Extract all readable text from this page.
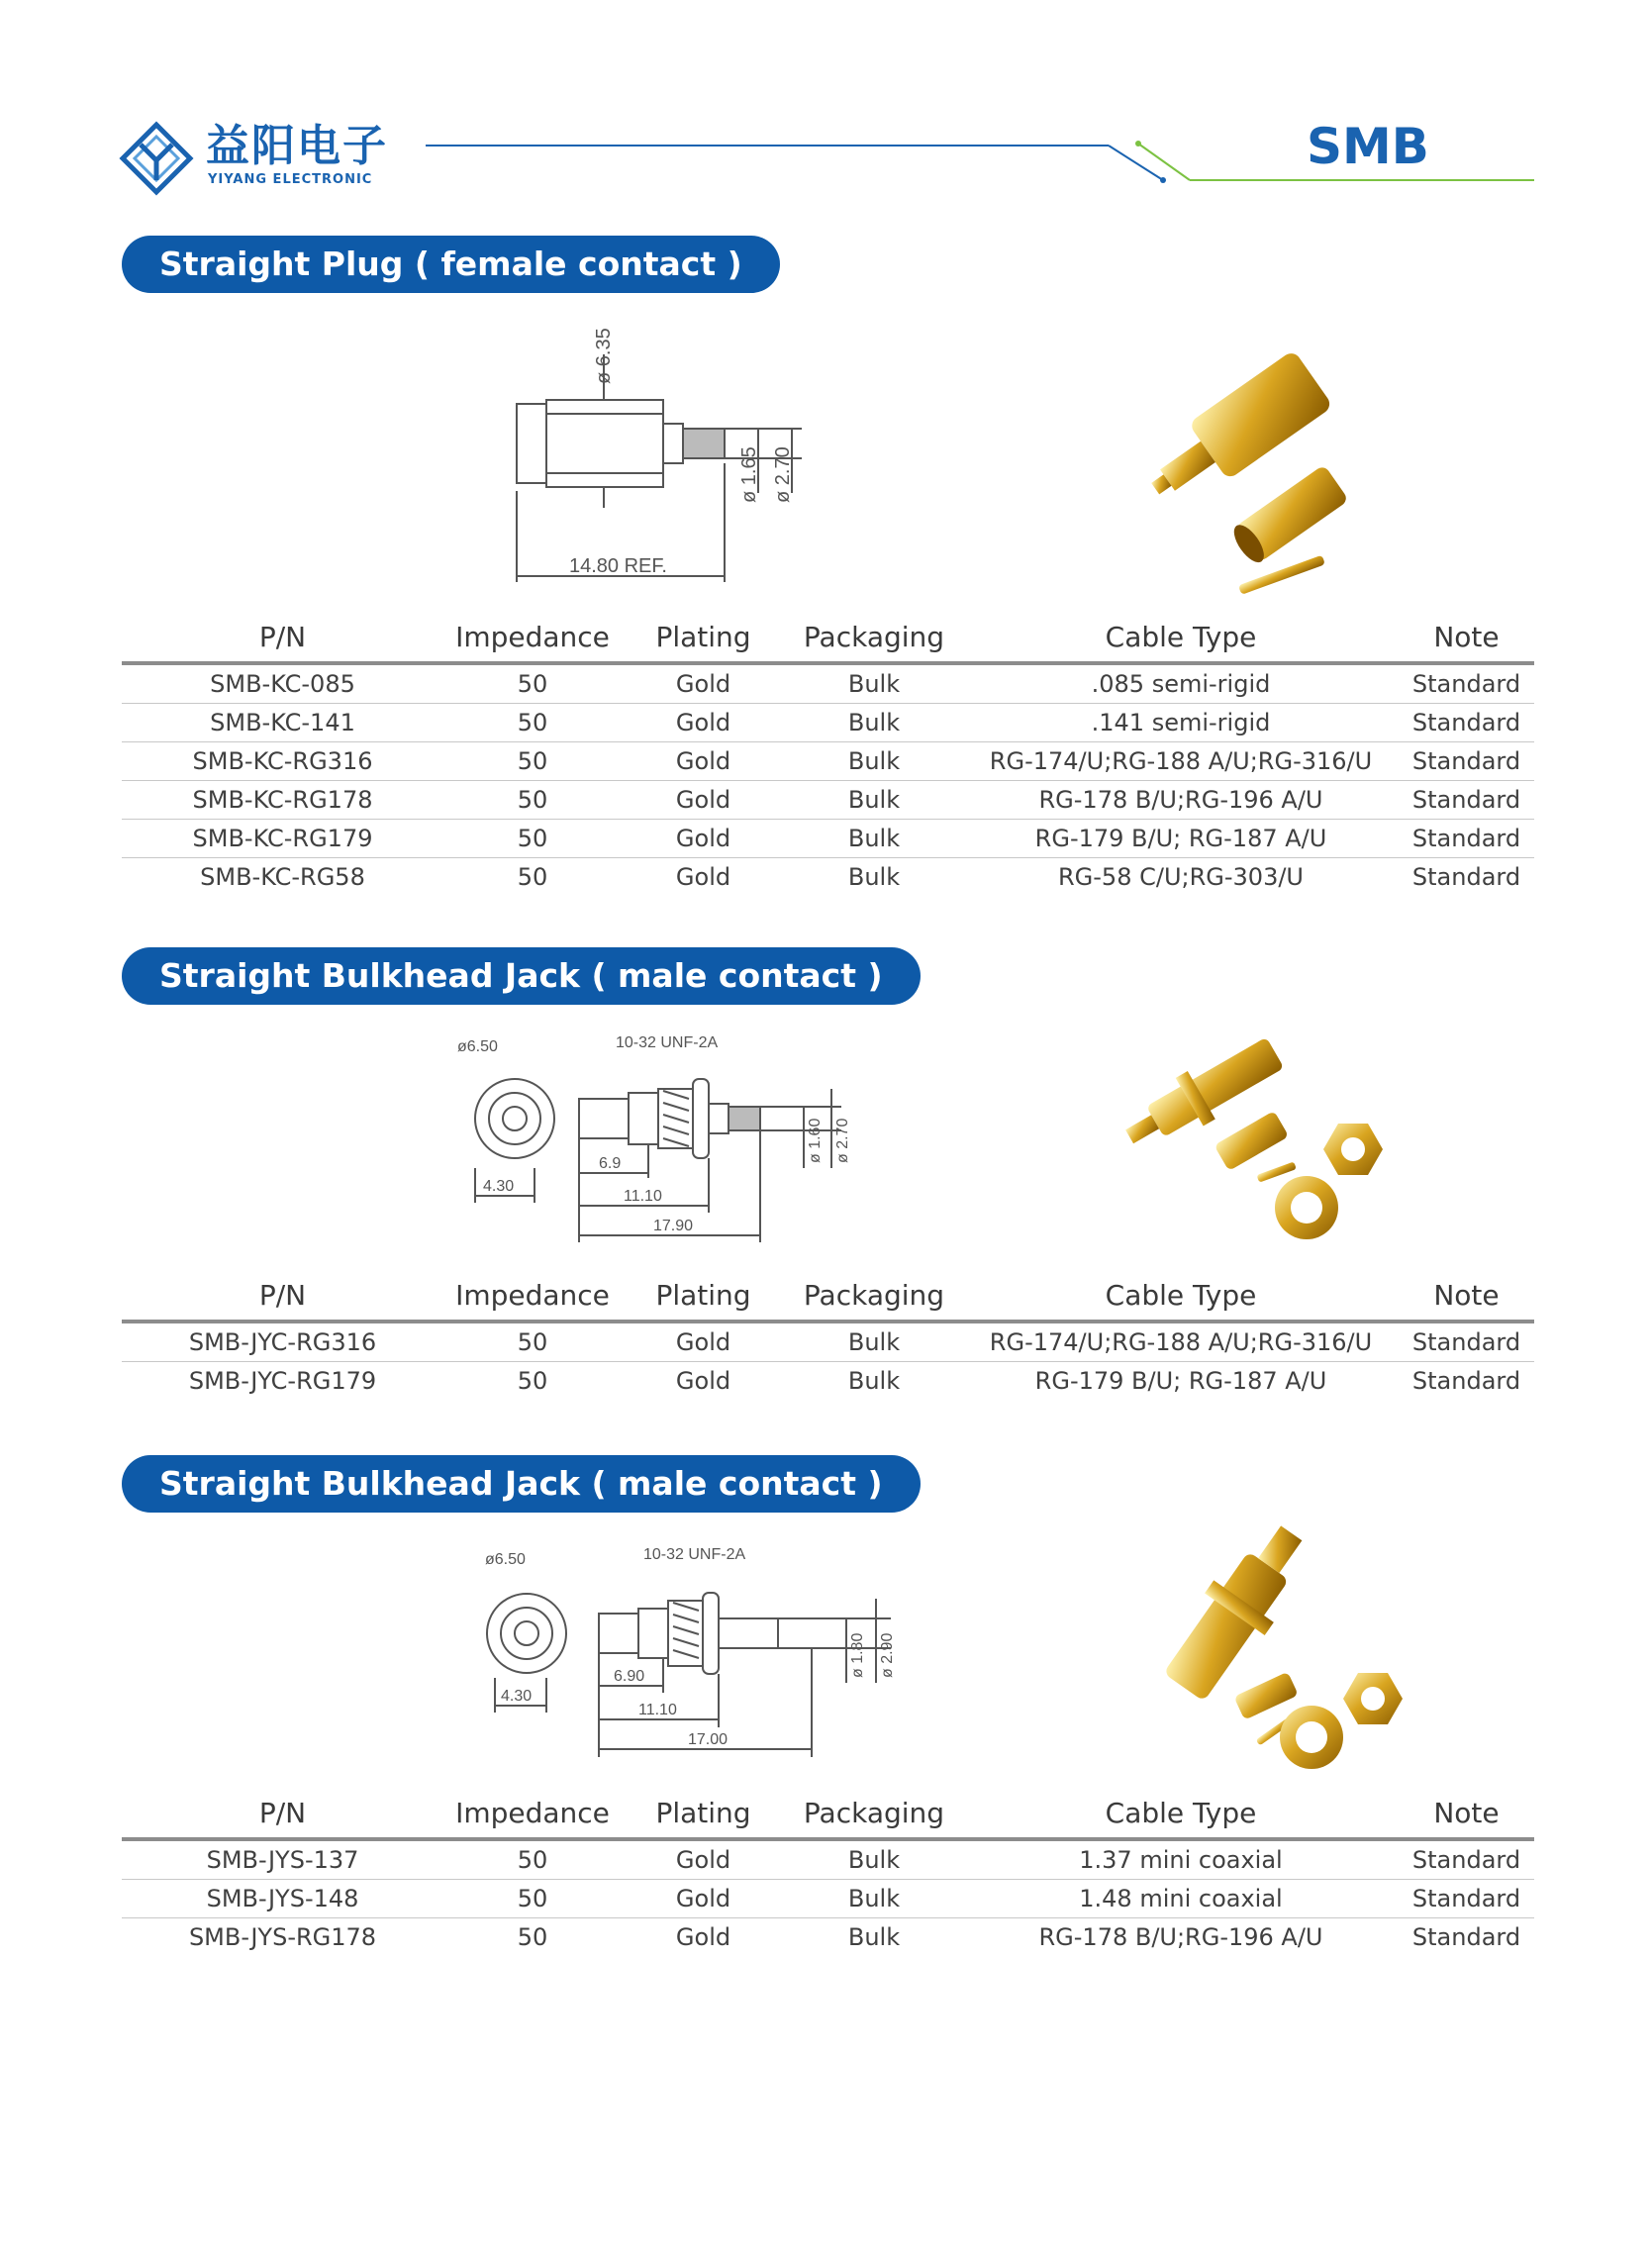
益阳电子
YIYANG ELECTRONIC
SMB
Straight Plug ( female contact )
ø 6.35
ø 1.65 ø 2.70
14.80 REF.
P/N	Impedance	Plating	Packaging	Cable Type	Note
SMB-KC-085	50	Gold	Bulk	.085 semi-rigid	Standard
SMB-KC-141	50	Gold	Bulk	.141 semi-rigid	Standard
SMB-KC-RG316	50	Gold	Bulk	RG-174/U;RG-188 A/U;RG-316/U	Standard
SMB-KC-RG178	50	Gold	Bulk	RG-178 B/U;RG-196 A/U	Standard
SMB-KC-RG179	50	Gold	Bulk	RG-179 B/U; RG-187 A/U	Standard
SMB-KC-RG58	50	Gold	Bulk	RG-58 C/U;RG-303/U	Standard
Straight Bulkhead Jack ( male contact )
ø6.50	10-32 UNF-2A
4.30
6.9
11.10
17.90
ø 1.60 ø 2.70
P/N	Impedance	Plating	Packaging	Cable Type	Note
SMB-JYC-RG316	50	Gold	Bulk	RG-174/U;RG-188 A/U;RG-316/U	Standard
SMB-JYC-RG179	50	Gold	Bulk	RG-179 B/U; RG-187 A/U	Standard
Straight Bulkhead Jack ( male contact )
ø6.50	10-32 UNF-2A
4.30
6.90
11.10
17.00
ø 1.80 ø 2.90
P/N	Impedance	Plating	Packaging	Cable Type	Note
SMB-JYS-137	50	Gold	Bulk	1.37 mini coaxial	Standard
SMB-JYS-148	50	Gold	Bulk	1.48 mini coaxial	Standard
SMB-JYS-RG178	50	Gold	Bulk	RG-178 B/U;RG-196 A/U	Standard
